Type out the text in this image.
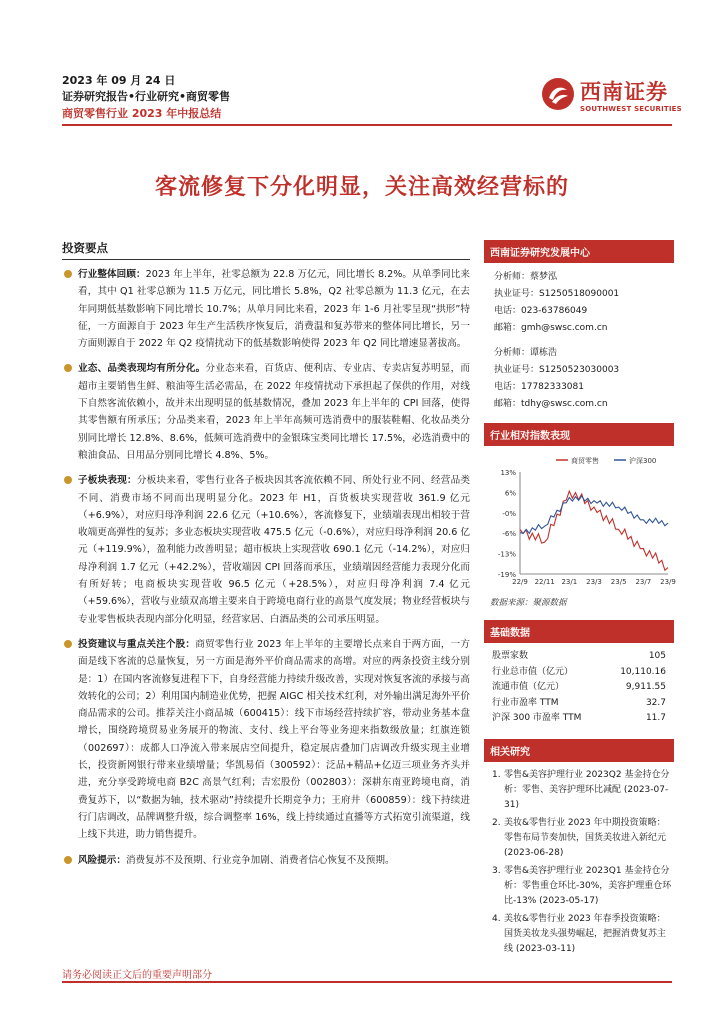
2023 年 09 月 24 日
证券研究报告•行业研究•商贸零售
商贸零售行业 2023 年中报总结
西南证券
SOUTHWEST SECURITIES
客流修复下分化明显，关注高效经营标的
投资要点
行业整体回顾：2023 年上半年，社零总额为 22.8 万亿元，同比增长 8.2%。从单季同比来看，其中 Q1 社零总额为 11.5 万亿元，同比增长 5.8%，Q2 社零总额为 11.3 亿元，在去年同期低基数影响下同比增长 10.7%；从单月同比来看，2023 年 1-6 月社零呈现“拱形”特征，一方面源自于 2023 年生产生活秩序恢复后，消费温和复苏带来的整体同比增长，另一方面则源自于 2022 年 Q2 疫情扰动下的低基数影响使得 2023 年 Q2 同比增速显著拔高。
业态、品类表现均有所分化。分业态来看，百货店、便利店、专业店、专卖店复苏明显，而超市主要销售生鲜、粮油等生活必需品，在 2022 年疫情扰动下承担起了保供的作用，对线下自然客流依赖小，故并未出现明显的低基数情况，叠加 2023 年上半年的 CPI 回落，使得其零售额有所承压；分品类来看，2023 年上半年高频可选消费中的服装鞋帽、化妆品类分别同比增长 12.8%、8.6%，低频可选消费中的金银珠宝类同比增长 17.5%，必选消费中的粮油食品、日用品分别同比增长 4.8%、5%。
子板块表现：分板块来看，零售行业各子板块因其客流依赖不同、所处行业不同、经营品类不同、消费市场不同而出现明显分化。2023 年 H1，百货板块实现营收 361.9 亿元（+6.9%），对应归母净利润 22.6 亿元（+10.6%），客流修复下，业绩端表现出相较于营收端更高弹性的复苏；多业态板块实现营收 475.5 亿元（-0.6%），对应归母净利润 20.6 亿元（+119.9%），盈利能力改善明显；超市板块上实现营收 690.1 亿元（-14.2%），对应归母净利润 1.7 亿元（+42.2%），营收端因 CPI 回落而承压，业绩端因经营能力表现分化而有所好转；电商板块实现营收 96.5 亿元（+28.5%），对应归母净利润 7.4 亿元（+59.6%），营收与业绩双高增主要来自于跨境电商行业的高景气度发展；物业经营板块与专业零售板块表现内部分化明显，经营家居、白酒品类的公司承压明显。
投资建议与重点关注个股：商贸零售行业 2023 年上半年的主要增长点来自于两方面，一方面是线下客流的总量恢复，另一方面是海外平价商品需求的高增。对应的两条投资主线分别是：1）在国内客流修复进程下下，自身经营能力持续升级改善，实现对恢复客流的承接与高效转化的公司；2）利用国内制造业优势，把握 AIGC 相关技术红利，对外输出满足海外平价商品需求的公司。推荐关注小商品城（600415）：线下市场经营持续扩容，带动业务基本盘增长，围绕跨境贸易业务展开的物流、支付、线上平台等业务迎来指数级放量；红旗连锁（002697）：成都人口净流入带来展店空间提升，稳定展店叠加门店调改升级实现主业增长，投资新网银行带来业绩增量；华凯易佰（300592）：泛品+精品+亿迈三项业务齐头并进，充分享受跨境电商 B2C 高景气红利；吉宏股份（002803）：深耕东南亚跨境电商，消费复苏下，以“数据为轴，技术驱动”持续提升长期竞争力；王府井（600859）：线下持续进行门店调改，品牌调整升级，综合调整率 16%，线上持续通过直播等方式拓宽引流渠道，线上线下共进，助力销售提升。
风险提示：消费复苏不及预期、行业竞争加剧、消费者信心恢复不及预期。
西南证券研究发展中心
分析师：蔡梦泓
执业证号：S1250518090001
电话：023-63786049
邮箱：gmh@swsc.com.cn
分析师：谭栋浩
执业证号：S1250523030003
电话：17782333081
邮箱：tdhy@swsc.com.cn
行业相对指数表现
13%
6%
-0%
-6%
-13%
-19%
22/9 22/11 23/1 23/3 23/5 23/7 23/9
商贸零售	沪深300
数据来源：聚源数据
基础数据
股票家数	105
行业总市值（亿元）	10,110.16
流通市值（亿元）	9,911.55
行业市盈率 TTM	32.7
沪深 300 市盈率 TTM	11.7
相关研究
1. 零售&美容护理行业 2023Q2 基金持仓分析：零售、美容护理环比减配 (2023-07-31)
2. 美妆&零售行业 2023 年中期投资策略：零售布局节奏加快，国货美妆进入新纪元 (2023-06-28)
3. 零售&美容护理行业 2023Q1 基金持仓分析：零售重仓环比-30%，美容护理重仓环比-13% (2023-05-17)
4. 美妆&零售行业 2023 年春季投资策略：国货美妆龙头强势崛起，把握消费复苏主线 (2023-03-11)
请务必阅读正文后的重要声明部分
